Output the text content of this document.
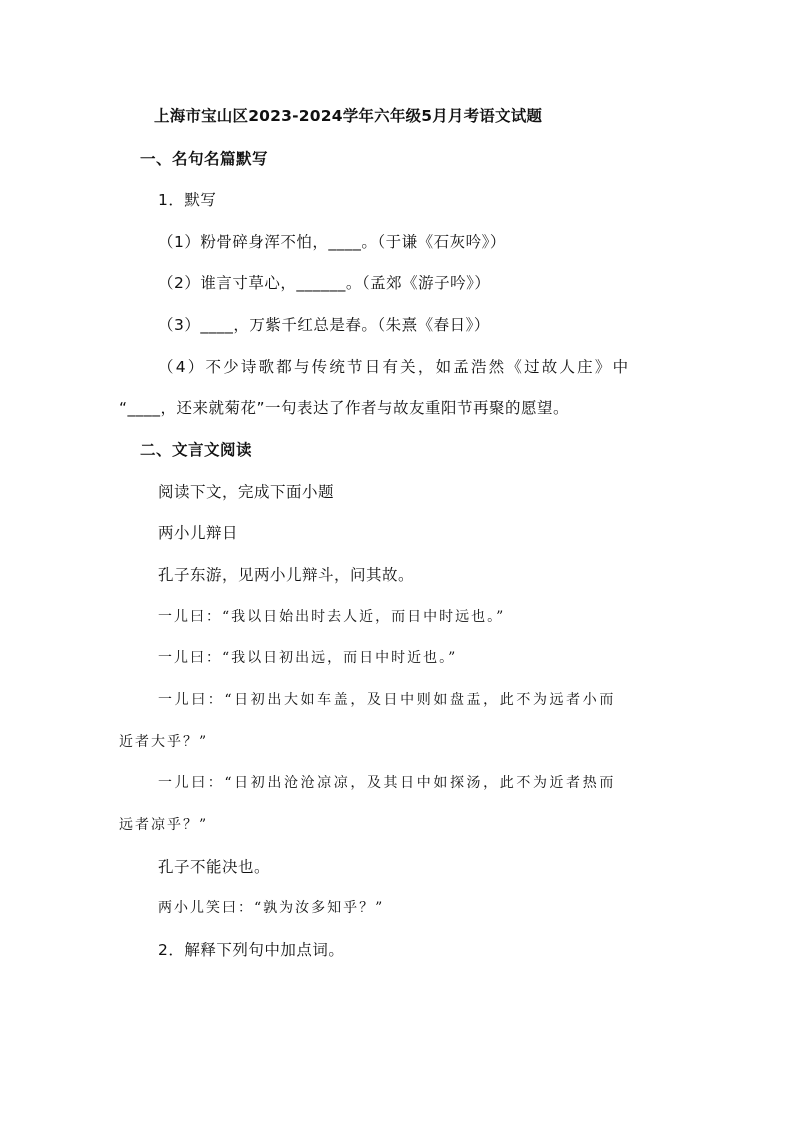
上海市宝山区2023-2024学年六年级5月月考语文试题
一、名句名篇默写
1．默写
（1）粉骨碎身浑不怕，____。（于谦《石灰吟》）
（2）谁言寸草心，______。（孟郊《游子吟》）
（3）____，万紫千红总是春。（朱熹《春日》）
（4）不少诗歌都与传统节日有关，如孟浩然《过故人庄》中
“____，还来就菊花”一句表达了作者与故友重阳节再聚的愿望。
二、文言文阅读
阅读下文，完成下面小题
两小儿辩日
孔子东游，见两小儿辩斗，问其故。
一儿曰：“我以日始出时去人近，而日中时远也。”
一儿曰：“我以日初出远，而日中时近也。”
一儿曰：“日初出大如车盖，及日中则如盘盂，此不为远者小而
近者大乎？”
一儿曰：“日初出沧沧凉凉，及其日中如探汤，此不为近者热而
远者凉乎？”
孔子不能决也。
两小儿笑曰：“孰为汝多知乎？”
2．解释下列句中加点词。
